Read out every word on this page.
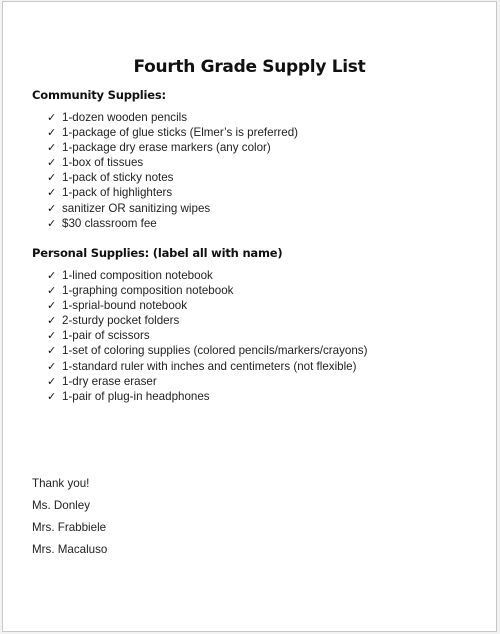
Fourth Grade Supply List
Community Supplies:
✓ 1-dozen wooden pencils
✓ 1-package of glue sticks (Elmer’s is preferred)
✓ 1-package dry erase markers (any color)
✓ 1-box of tissues
✓ 1-pack of sticky notes
✓ 1-pack of highlighters
✓ sanitizer OR sanitizing wipes
✓ $30 classroom fee
Personal Supplies: (label all with name)
✓ 1-lined composition notebook
✓ 1-graphing composition notebook
✓ 1-sprial-bound notebook
✓ 2-sturdy pocket folders
✓ 1-pair of scissors
✓ 1-set of coloring supplies (colored pencils/markers/crayons)
✓ 1-standard ruler with inches and centimeters (not flexible)
✓ 1-dry erase eraser
✓ 1-pair of plug-in headphones
Thank you!
Ms. Donley
Mrs. Frabbiele
Mrs. Macaluso
